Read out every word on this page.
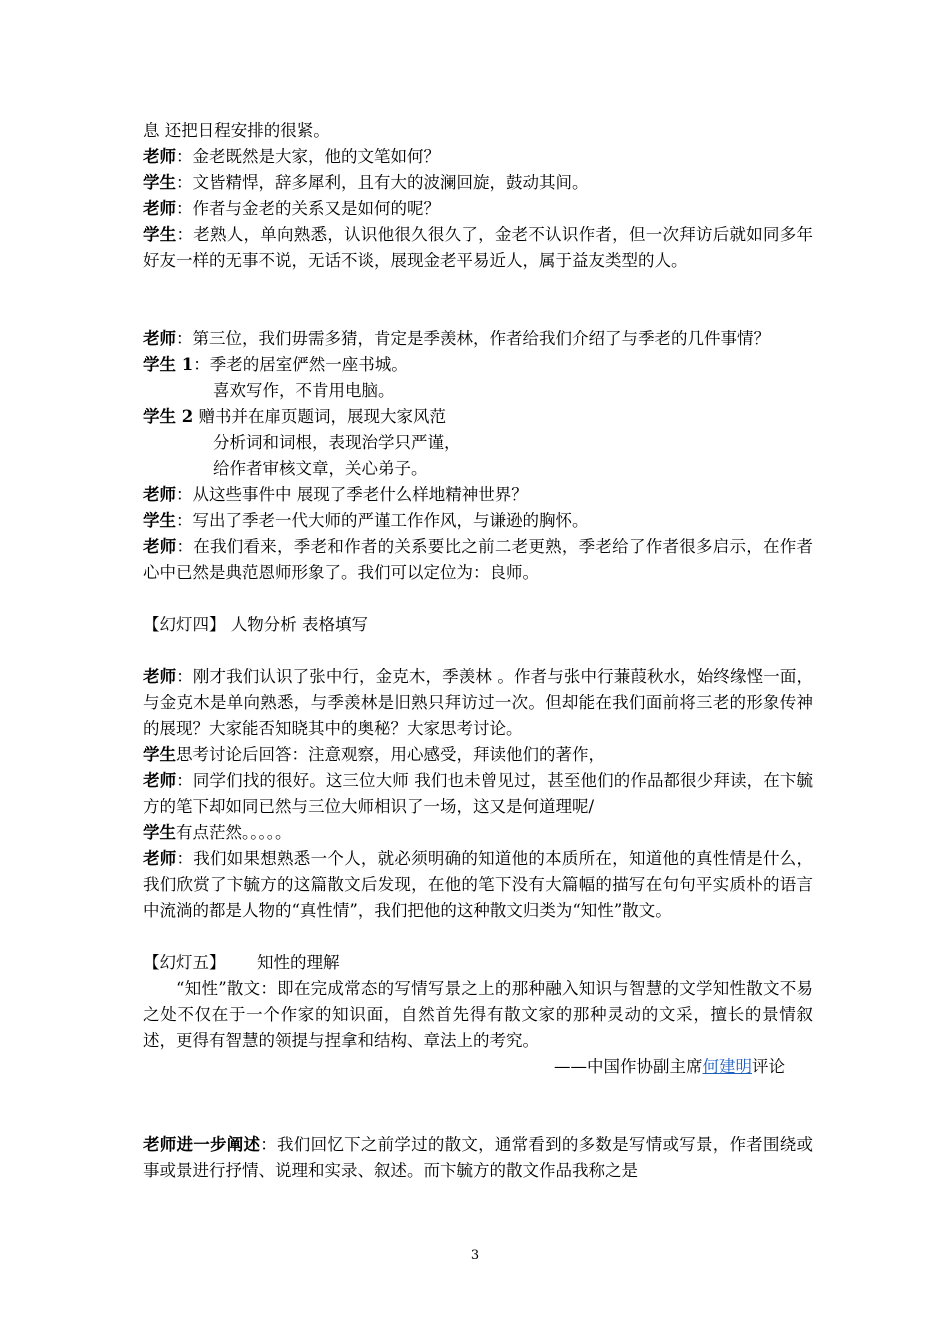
息 还把日程安排的很紧。

老师：金老既然是大家，他的文笔如何？

学生：文皆精悍，辞多犀利，且有大的波澜回旋，鼓动其间。

老师：作者与金老的关系又是如何的呢？

学生：老熟人，单向熟悉，认识他很久很久了，金老不认识作者，但一次拜访后就如同多年好友一样的无事不说，无话不谈，展现金老平易近人，属于益友类型的人。

老师：第三位，我们毋需多猜，肯定是季羡林，作者给我们介绍了与季老的几件事情？

学生 1：季老的居室俨然一座书城。

喜欢写作，不肯用电脑。

学生 2 赠书并在扉页题词，展现大家风范

分析词和词根，表现治学只严谨，

给作者审核文章，关心弟子。

老师：从这些事件中 展现了季老什么样地精神世界？

学生：写出了季老一代大师的严谨工作作风，与谦逊的胸怀。

老师：在我们看来，季老和作者的关系要比之前二老更熟，季老给了作者很多启示，在作者心中已然是典范恩师形象了。我们可以定位为：良师。

【幻灯四】 人物分析 表格填写

老师：刚才我们认识了张中行，金克木，季羡林 。作者与张中行蒹葭秋水，始终缘悭一面，与金克木是单向熟悉，与季羡林是旧熟只拜访过一次。但却能在我们面前将三老的形象传神的展现？大家能否知晓其中的奥秘？大家思考讨论。

学生思考讨论后回答：注意观察，用心感受，拜读他们的著作，

老师：同学们找的很好。这三位大师 我们也未曾见过，甚至他们的作品都很少拜读，在卞毓方的笔下却如同已然与三位大师相识了一场，这又是何道理呢/

学生有点茫然。。。。。

老师：我们如果想熟悉一个人，就必须明确的知道他的本质所在，知道他的真性情是什么，我们欣赏了卞毓方的这篇散文后发现，在他的笔下没有大篇幅的描写在句句平实质朴的语言中流淌的都是人物的“真性情”，我们把他的这种散文归类为“知性”散文。

【幻灯五】      知性的理解

“知性”散文：即在完成常态的写情写景之上的那种融入知识与智慧的文学知性散文不易之处不仅在于一个作家的知识面，自然首先得有散文家的那种灵动的文采，擅长的景情叙述，更得有智慧的领提与捏拿和结构、章法上的考究。

——中国作协副主席何建明评论

老师进一步阐述：我们回忆下之前学过的散文，通常看到的多数是写情或写景，作者围绕或事或景进行抒情、说理和实录、叙述。而卞毓方的散文作品我称之是

3
